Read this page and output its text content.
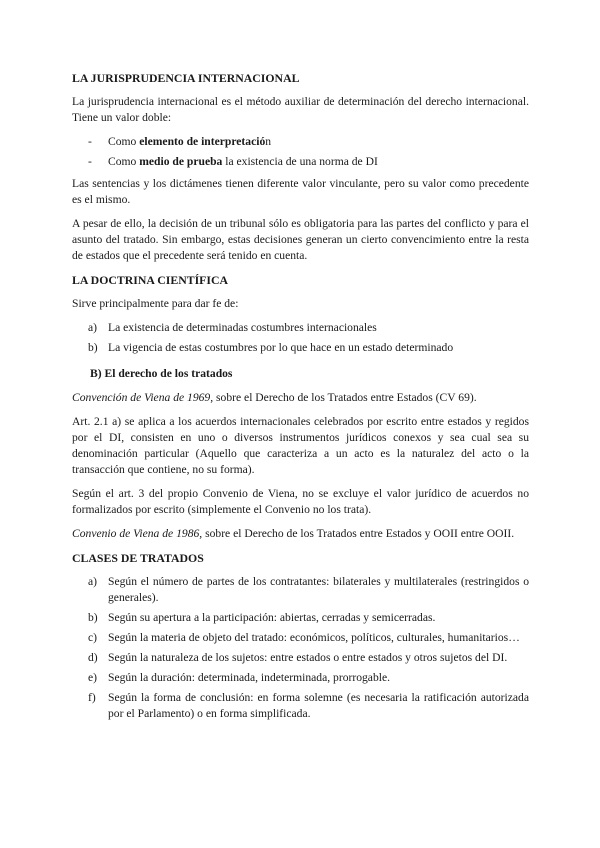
LA JURISPRUDENCIA INTERNACIONAL

La jurisprudencia internacional es el método auxiliar de determinación del derecho internacional. Tiene un valor doble:

- Como elemento de interpretación
- Como medio de prueba la existencia de una norma de DI

Las sentencias y los dictámenes tienen diferente valor vinculante, pero su valor como precedente es el mismo.

A pesar de ello, la decisión de un tribunal sólo es obligatoria para las partes del conflicto y para el asunto del tratado. Sin embargo, estas decisiones generan un cierto convencimiento entre la resta de estados que el precedente será tenido en cuenta.

LA DOCTRINA CIENTÍFICA

Sirve principalmente para dar fe de:

a) La existencia de determinadas costumbres internacionales
b) La vigencia de estas costumbres por lo que hace en un estado determinado
B) El derecho de los tratados

Convención de Viena de 1969, sobre el Derecho de los Tratados entre Estados (CV 69).

Art. 2.1 a) se aplica a los acuerdos internacionales celebrados por escrito entre estados y regidos por el DI, consisten en uno o diversos instrumentos jurídicos conexos y sea cual sea su denominación particular (Aquello que caracteriza a un acto es la naturalez del acto o la transacción que contiene, no su forma).

Según el art. 3 del propio Convenio de Viena, no se excluye el valor jurídico de acuerdos no formalizados por escrito (simplemente el Convenio no los trata).

Convenio de Viena de 1986, sobre el Derecho de los Tratados entre Estados y OOII entre OOII.

CLASES DE TRATADOS
a) Según el número de partes de los contratantes: bilaterales y multilaterales (restringidos o generales).
b) Según su apertura a la participación: abiertas, cerradas y semicerradas.
c) Según la materia de objeto del tratado: económicos, políticos, culturales, humanitarios…
d) Según la naturaleza de los sujetos: entre estados o entre estados y otros sujetos del DI.
e) Según la duración: determinada, indeterminada, prorrogable.
f) Según la forma de conclusión: en forma solemne (es necesaria la ratificación autorizada por el Parlamento) o en forma simplificada.
